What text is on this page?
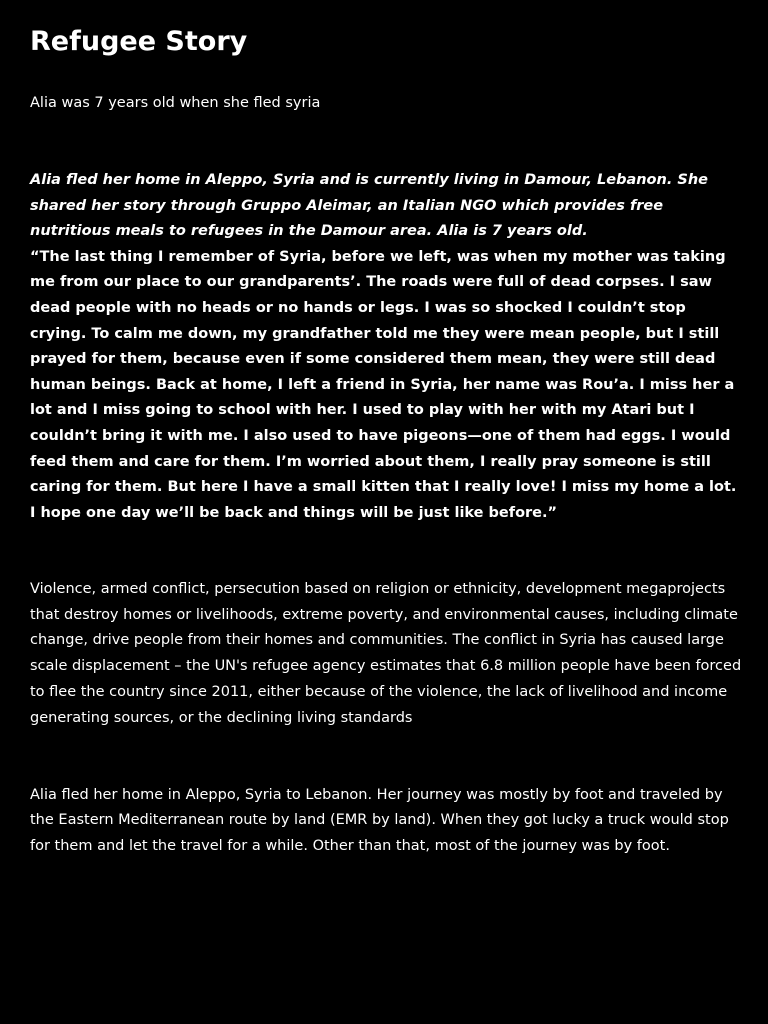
Refugee Story

Alia was 7 years old when she fled syria

Alia fled her home in Aleppo, Syria and is currently living in Damour, Lebanon. She shared her story through Gruppo Aleimar, an Italian NGO which provides free nutritious meals to refugees in the Damour area. Alia is 7 years old.
“The last thing I remember of Syria, before we left, was when my mother was taking me from our place to our grandparents’. The roads were full of dead corpses. I saw dead people with no heads or no hands or legs. I was so shocked I couldn’t stop crying. To calm me down, my grandfather told me they were mean people, but I still prayed for them, because even if some considered them mean, they were still dead human beings. Back at home, I left a friend in Syria, her name was Rou’a. I miss her a lot and I miss going to school with her. I used to play with her with my Atari but I couldn’t bring it with me. I also used to have pigeons—one of them had eggs. I would feed them and care for them. I’m worried about them, I really pray someone is still caring for them. But here I have a small kitten that I really love! I miss my home a lot. I hope one day we’ll be back and things will be just like before.”

Violence, armed conflict, persecution based on religion or ethnicity, development megaprojects that destroy homes or livelihoods, extreme poverty, and environmental causes, including climate change, drive people from their homes and communities. The conflict in Syria has caused large scale displacement – the UN's refugee agency estimates that 6.8 million people have been forced to flee the country since 2011, either because of the violence, the lack of livelihood and income generating sources, or the declining living standards

Alia fled her home in Aleppo, Syria to Lebanon. Her journey was mostly by foot and traveled by the Eastern Mediterranean route by land (EMR by land). When they got lucky a truck would stop for them and let the travel for a while. Other than that, most of the journey was by foot.
